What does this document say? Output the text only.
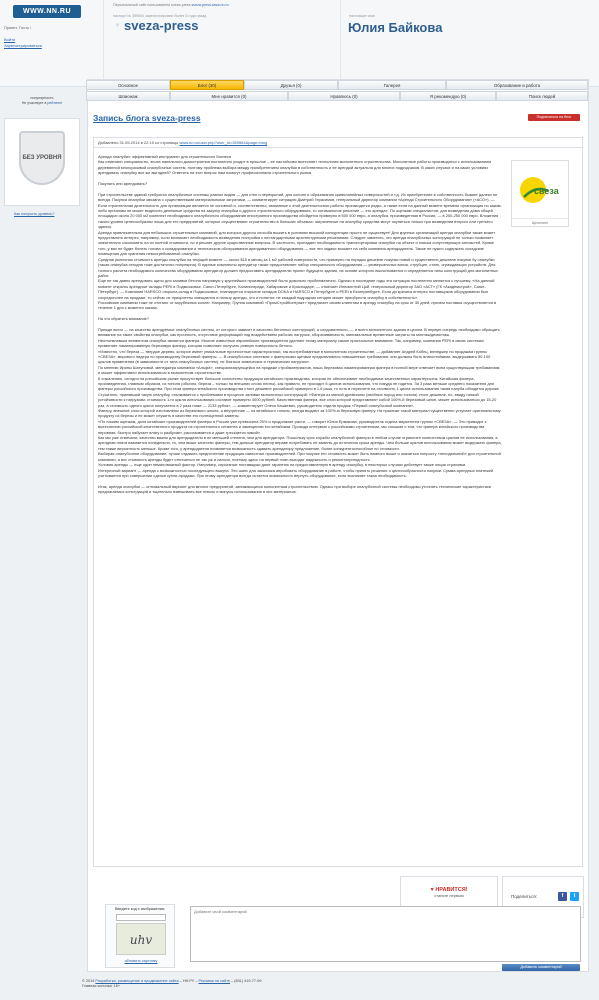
WWW.NN.RU
Привет, Гость !
Войти
Зарегистрироваться
Персональный сайт пользователя sveza-press sveza-press.www.nn.ru
паспорт № 359564 зарегистрирован более 5 года назад
♀ sveza-press
настоящее имя
Юлия Байкова
популярность
Не участвует в рейтинге
БЕЗ УРОВНЯ
Как получить уровень?
Основное	Блог (30)	Друзья (0)	Галерея	Образование и работа
Шпионаж	Мне нравится (0)	Нравлюсь (0)	Я рекомендую (0)	Поиск людей
Запись блога sveza-press	Подписаться на блог
Добавлено 31.05.2014 в 22:10 со страницы www.nn.ru/user.php?user_id=359564&page=blog

Аренда опалубки: эффективный инструмент для строительного бизнеса

Как отмечают специалисты, эпоха панельного домостроения постепенно уходит в прошлое – ее настойчиво вытесняет технология монолитного строительства. Монолитные работы производятся с использованием деревянной многоразовой опалубочных систем, поэтому проблема выбора между приобретением опалубки в собственность и ее арендой актуальна для многих подрядчиков. В каких случаях и на каких условиях арендовать опалубку все же выгодней? Ответить на этот вопрос нам помогут профессионалы строительного рынка.

Покупать или арендовать?

При строительстве зданий требуются опалубочные системы разных видов — для стен и перекрытий, для колонн и образования криволинейных поверхностей и т.д. Их приобретение в собственность бывает далеко не всегда. Покупка опалубки связана с существенными материальными затратами, — комментирует ситуацию Дмитрий Герасимов, генеральный директор компании «Аренда Строительного Оборудования» («АСО»). — Если строительная деятельность для организации является не основной и, соответственно, связанные с этой деятельностью работы производятся редко, а также если на данный момент времени организация по каким-либо причинам не может выделить денежные средства на закупку опалубки и другого строительного оборудования, то оптимальное решение — это аренда». По оценкам специалистов, для возведения дома общей площадью около 20 000 м2 комплект необходимого опалубочного оборудования иностранного производства обойдется примерно в 500 000 евро, а опалубка, произведенная в России, — в 200-250 000 евро. Вложения такого уровня целесообразны лишь для тех предприятий, которые осуществляют строительство в больших объемах: затраченные на опалубку средства могут окупиться только при возведении второго или третьего здания.

Аренда привлекательна для небольших строительных компаний, для которых другого способа выжить в условиях высокой конкуренции просто не существует! Для крупных организаций аренда опалубки также может представлять интерес, например, если возникает необходимость возведения постройки с нестандартными архитектурными решениями. Следует заметить, что аренда опалубочных конструкций не только позволяет значительно сэкономить на их полной стоимости, но и решает другие существенные вопросы. В частности, пропадает необходимость транспортировки опалубки на объект и поиска сопутствующих запчастей. Кроме того, у вас не будет болеть голова о складировании и техническом обслуживании арендованного оборудования — все эти задачи возьмет на себя компания-арендодатель. Также не нужно содержать складские помещения для хранения невостребованной опалубки.

Средняя рыночная стоимость аренды опалубки на текущий момент — около $15 в месяц за 1 м2 рабочей поверхности, что примерно на порядок дешевле покупки новой и существенно дешевле покупки бу опалубки (такая опалубка сегодня тоже достаточно популярна). В единые комплекты арендатор также предоставляет набор специального оборудования — универсальных вилок, струбцин, стоек, ограждающих устройств. Для точного расчета необходимого количества оборудования арендатор должен предоставить арендодателю проект будущего здания, на основе которого высчитывается и определяется типы конструкций для монолитных работ.

Еще не так давно арендовать щиты для заливки бетона напрямую у крупнейших производителей было довольно проблематично. Однако в последние годы эта ситуация постепенно меняется к лучшему. «На данный момент открыты арендные склады PERI в Подмосковье, Санкт-Петербурге, Калининграде, Хабаровске и Краснодаре, — отмечает Иннокентий Цой, генеральный директор ЗАО «АСТ» (ГК «Академстрой», Санкт-Петербург). — Компания HARSCO открыла склад в Подмосковье, планируется открытие складов DOKA и HARSCO в Петербурге и PERI в Екатеринбурге. Если до кризиса интерес поставщиков оборудования был сосредоточен на продаже, то сейчас их приоритеты смещаются в пользу аренды, что и понятно: не каждый подрядчик сегодня может приобрести опалубку в собственность».

Российские компании тоже не отстают от зарубежных коллег. Например, Группа компаний «ПромСтройКонтракт» предлагает своим клиентам в аренду опалубку на срок от 30 дней, причем поставка осуществляется в течение 1 дня с момента заказа.

На что обратить внимание?

Прежде всего — на качество арендуемых опалубочных систем, от которого зависит и качество бетонных конструкций, а следовательно, — и всего монолитного здания в целом. В первую очередь необходимо обращать внимание на такие свойства опалубки, как прочность, отсутствие деформаций под воздействием рабочих нагрузок, оборачиваемость, минимальные временные затраты на монтаж/демонтаж.

Неотъемлемым элементом опалубки является фанера. Многие известные европейские производители уделяют этому материалу самое пристальное внимание. Так, например, компания PERI в своих системах применяет ламинированную березовую фанеру, которая позволяет получать ровную поверхность бетона.

«Известно, что береза — твердое дерево, которое имеет уникальные прочностные характеристики, так востребованные в монолитном строительстве, — добавляет Андрей Кобец, менеджер по продажам группы «СВЕЗА», мирового лидера по производству березовой фанеры. — В опалубочных системах с фанерными щитами предъявляются повышенные требования: они должны быть влагостойкими, выдерживать 50-100 циклов применения (в зависимости от типа опалубочных систем), не бояться химических и термических нагрузок».

По мнению Ирины Шатуновой, менеджера компании «Альфа», специализирующейся на продаже стройматериалов, лишь березовая ламинированная фанера в полной мере отвечает всем существующим требованиям и может эффективно использоваться в монолитном строительстве.

К сожалению, сегодня на российском рынке присутствует большое количество продукции китайского производства, которая не обеспечивает необходимых качественных характеристик. Китайская фанера, произведенная, главным образом, из тополя (обычно, береза – только на внешних слоях плиты), как правило, не проходит 5 циклов использования, что никуда не годится. За 3 раза меньше среднего показателя для фанеры российского производства. При этом фанера китайского производства стоит дешевле российской примерно в 1,6 раза, то есть в пересчете на стоимость 1 цикла использования такая палуба обходится дороже.

Строитель, принявший такую опалубку, сталкивается с проблемами в процессе заливки монолитных конструкций: «Фанера из мягкой древесины (хвойных пород или тополя) стоит дешевле, но, ввиду низкой устойчивости к нагрузкам, стоимость 1-го цикла использования составит примерно 4000 рублей. Качественная фанера, все слои которой представляют собой 100%-й березовый шпон, может использоваться до 15-20 раз, а стоимость одного цикла получается в 2 раза ниже — 2133 рубля», — комментирует Олеся Кашкевич, руководитель отдела продаж «Первой опалубочной компании».

Фанеру, внешние слои которой изготовлены из березового шпона, а внутренние — из китайского тополя, иногда выдают за 100%-ю березовую фанеру. На практике такой материал существенно уступает оригинальному продукту из березы и не может служить в качестве его полноценной замены.

«По нашим оценкам, доля китайских производителей фанеры в России уже превысила 25% и продолжает расти, — говорит Юлия Ермакова, руководитель отдела маркетинга группы «СВЕЗА». — Это приводит к вытеснению российской качественного продукта из строительного сегмента и замещению его китайским. Проводя интервью с российскими строителями, мы слышим о том, что фанера китайского производства неровная, быстро набухает влагу и разбухает, расслаивается и даже трескается зимой».

Как мы уже отмечали, качество важно для арендодателя в не меньшей степени, чем для арендатора. Поскольку срок службы опалубочной фанеры в любом случае ограничен количеством циклов ее использования, а арендная плата взимается понедельно, то, чем выше качество фанеры, тем дольше арендатор вправе потребовать ее замены до истечения срока аренды. Чем больше циклов использования может выдержать фанера, тем также вероятность меньше. Кроме того, у арендодателя появляется возможность сдавать арендатору предложение, более конкурентоспособное по стоимости.

Выбирая опалубочное оборудование, лучше отдавать предпочтение продукции известных производителей. При покупке его стоимость может быть намного выше и оказаться попросту «неподъемной» для строительной компании, а вот стоимость аренды будет отличаться не так уж и сильно, поэтому здесь на первый план выходят надежность и ремонтопригодность.

Условия аренды — еще один немаловажный фактор. Например, серьезные поставщики дают гарантию на предоставленную в аренду опалубку, в некоторых случаях действует также опция страховки.

Интересный вариант — аренда с возможностью последующего выкупа. Это шанс для заказчика апробовать оборудование в работе, чтобы принять решение о целесообразности покупки. Сумма арендных платежей учитывается при совершении сделки купли-продажи. При этому арендатора всегда остается возможность вернуть оборудование, если возникает такая необходимость.

Итак, аренда опалубки — оптимальный вариант для многих предприятий, занимающихся монолитным строительством. Однако при выборе опалубочной системы необходимо уточнять технические характеристики предлагаемых конструкций и тщательно взвешивать все плюсы и минусы использования в них материалов.

свеза
Щелкните
♥ НРАВИТСЯ!
станьте первым	Поделиться:	f	t
Введите код с изображения:
uhv
обновить картинку
Добавьте свой комментарий
Добавить комментарий
© 2014 Разработка, размещение и продвижение сайта – НН.РУ – Реклама на сайте – (831) 419-77-99
Главная колонка: 16+
